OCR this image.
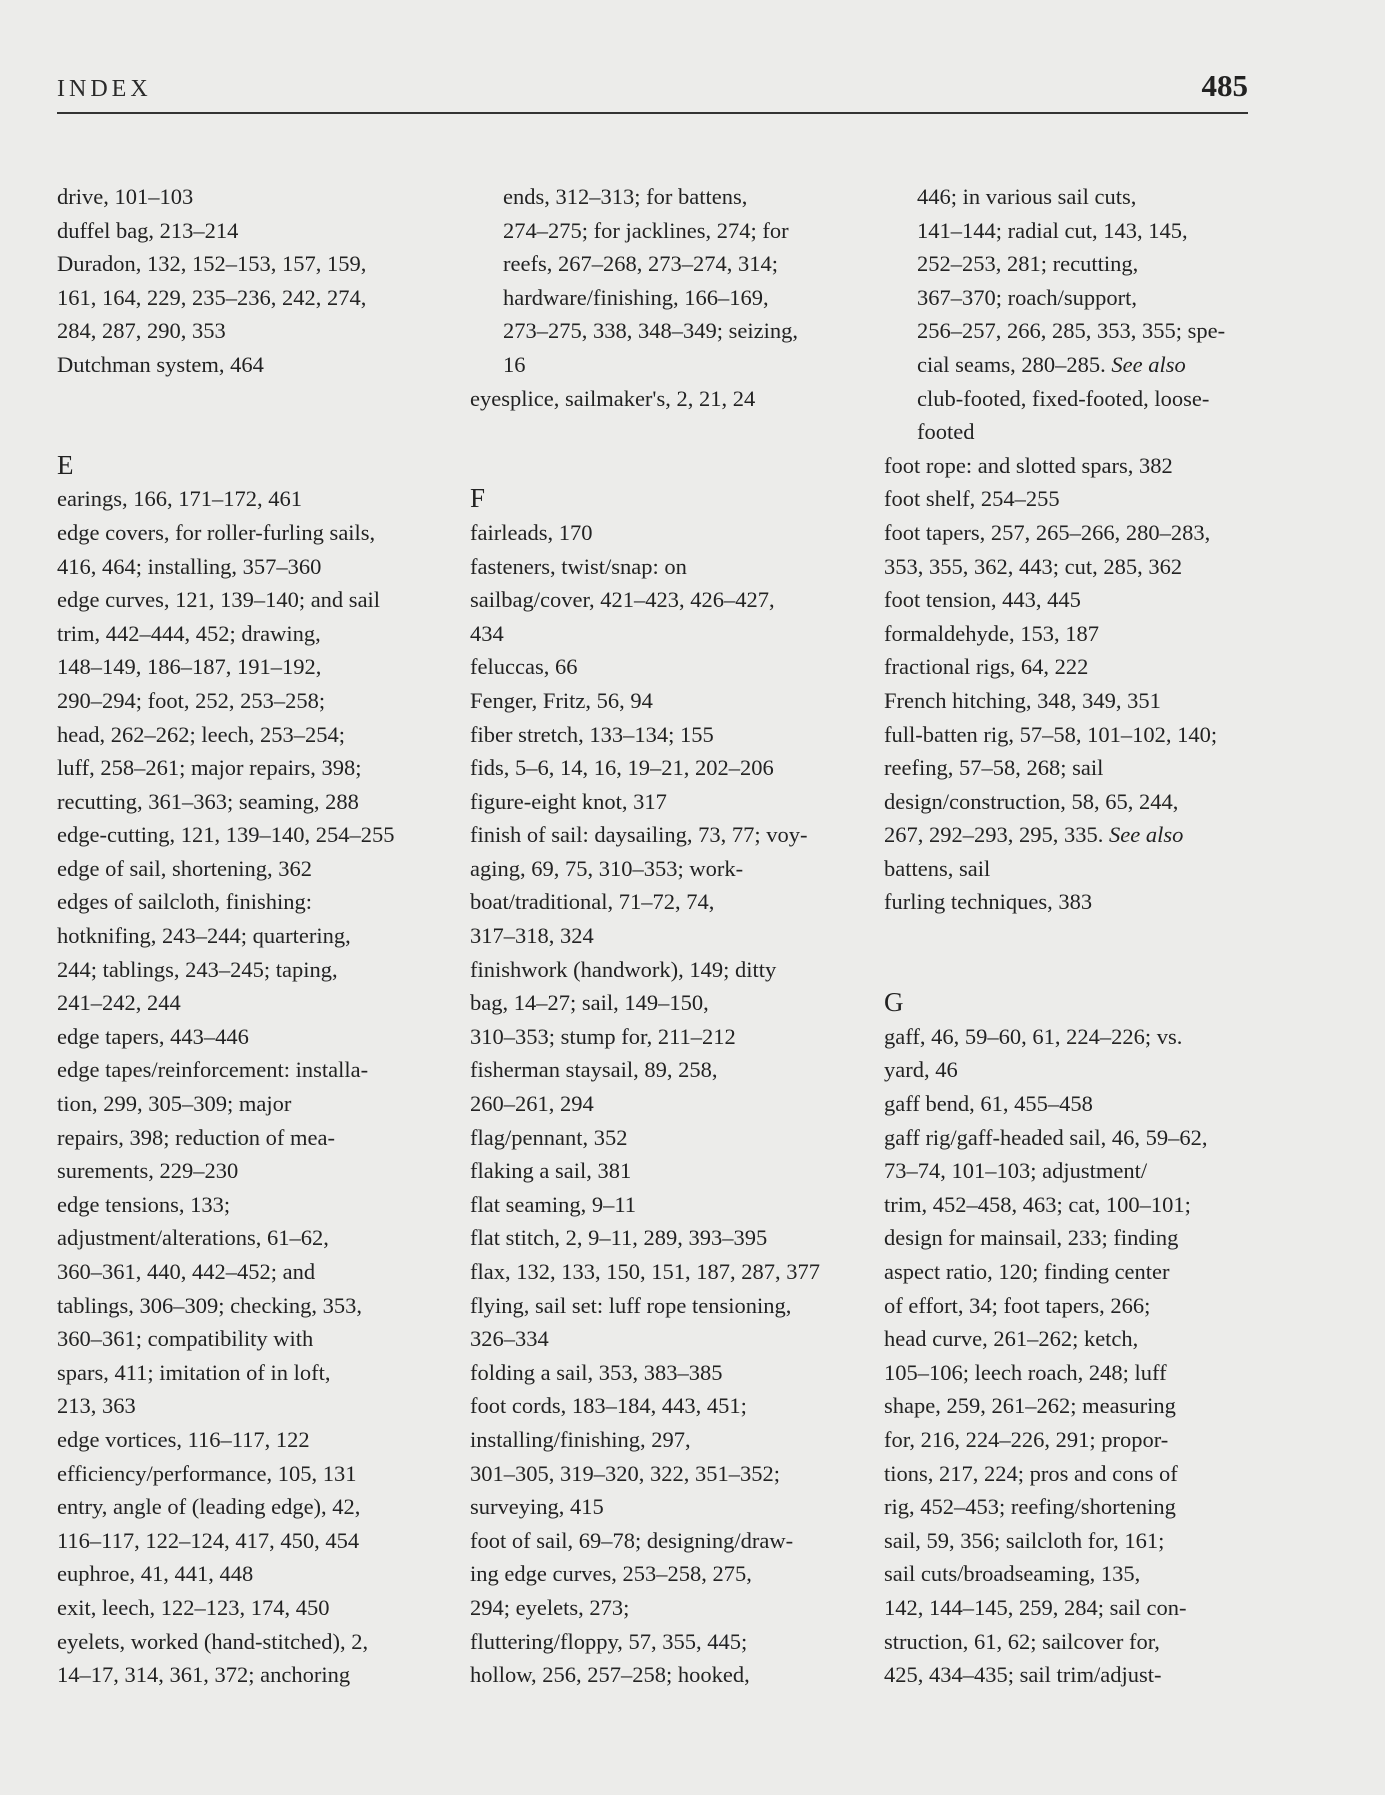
INDEX	485
drive, 101–103
duffel bag, 213–214
Duradon, 132, 152–153, 157, 159,
161, 164, 229, 235–236, 242, 274,
284, 287, 290, 353
Dutchman system, 464
E
earings, 166, 171–172, 461
edge covers, for roller-furling sails,
416, 464; installing, 357–360
edge curves, 121, 139–140; and sail
trim, 442–444, 452; drawing,
148–149, 186–187, 191–192,
290–294; foot, 252, 253–258;
head, 262–262; leech, 253–254;
luff, 258–261; major repairs, 398;
recutting, 361–363; seaming, 288
edge-cutting, 121, 139–140, 254–255
edge of sail, shortening, 362
edges of sailcloth, finishing:
hotknifing, 243–244; quartering,
244; tablings, 243–245; taping,
241–242, 244
edge tapers, 443–446
edge tapes/reinforcement: installa-
tion, 299, 305–309; major
repairs, 398; reduction of mea-
surements, 229–230
edge tensions, 133;
adjustment/alterations, 61–62,
360–361, 440, 442–452; and
tablings, 306–309; checking, 353,
360–361; compatibility with
spars, 411; imitation of in loft,
213, 363
edge vortices, 116–117, 122
efficiency/performance, 105, 131
entry, angle of (leading edge), 42,
116–117, 122–124, 417, 450, 454
euphroe, 41, 441, 448
exit, leech, 122–123, 174, 450
eyelets, worked (hand-stitched), 2,
14–17, 314, 361, 372; anchoring
ends, 312–313; for battens,
274–275; for jacklines, 274; for
reefs, 267–268, 273–274, 314;
hardware/finishing, 166–169,
273–275, 338, 348–349; seizing,
16
eyesplice, sailmaker's, 2, 21, 24
F
fairleads, 170
fasteners, twist/snap: on
sailbag/cover, 421–423, 426–427,
434
feluccas, 66
Fenger, Fritz, 56, 94
fiber stretch, 133–134; 155
fids, 5–6, 14, 16, 19–21, 202–206
figure-eight knot, 317
finish of sail: daysailing, 73, 77; voy-
aging, 69, 75, 310–353; work-
boat/traditional, 71–72, 74,
317–318, 324
finishwork (handwork), 149; ditty
bag, 14–27; sail, 149–150,
310–353; stump for, 211–212
fisherman staysail, 89, 258,
260–261, 294
flag/pennant, 352
flaking a sail, 381
flat seaming, 9–11
flat stitch, 2, 9–11, 289, 393–395
flax, 132, 133, 150, 151, 187, 287, 377
flying, sail set: luff rope tensioning,
326–334
folding a sail, 353, 383–385
foot cords, 183–184, 443, 451;
installing/finishing, 297,
301–305, 319–320, 322, 351–352;
surveying, 415
foot of sail, 69–78; designing/draw-
ing edge curves, 253–258, 275,
294; eyelets, 273;
fluttering/floppy, 57, 355, 445;
hollow, 256, 257–258; hooked,
446; in various sail cuts,
141–144; radial cut, 143, 145,
252–253, 281; recutting,
367–370; roach/support,
256–257, 266, 285, 353, 355; spe-
cial seams, 280–285. See also
club-footed, fixed-footed, loose-
footed
foot rope: and slotted spars, 382
foot shelf, 254–255
foot tapers, 257, 265–266, 280–283,
353, 355, 362, 443; cut, 285, 362
foot tension, 443, 445
formaldehyde, 153, 187
fractional rigs, 64, 222
French hitching, 348, 349, 351
full-batten rig, 57–58, 101–102, 140;
reefing, 57–58, 268; sail
design/construction, 58, 65, 244,
267, 292–293, 295, 335. See also
battens, sail
furling techniques, 383
G
gaff, 46, 59–60, 61, 224–226; vs.
yard, 46
gaff bend, 61, 455–458
gaff rig/gaff-headed sail, 46, 59–62,
73–74, 101–103; adjustment/
trim, 452–458, 463; cat, 100–101;
design for mainsail, 233; finding
aspect ratio, 120; finding center
of effort, 34; foot tapers, 266;
head curve, 261–262; ketch,
105–106; leech roach, 248; luff
shape, 259, 261–262; measuring
for, 216, 224–226, 291; propor-
tions, 217, 224; pros and cons of
rig, 452–453; reefing/shortening
sail, 59, 356; sailcloth for, 161;
sail cuts/broadseaming, 135,
142, 144–145, 259, 284; sail con-
struction, 61, 62; sailcover for,
425, 434–435; sail trim/adjust-
